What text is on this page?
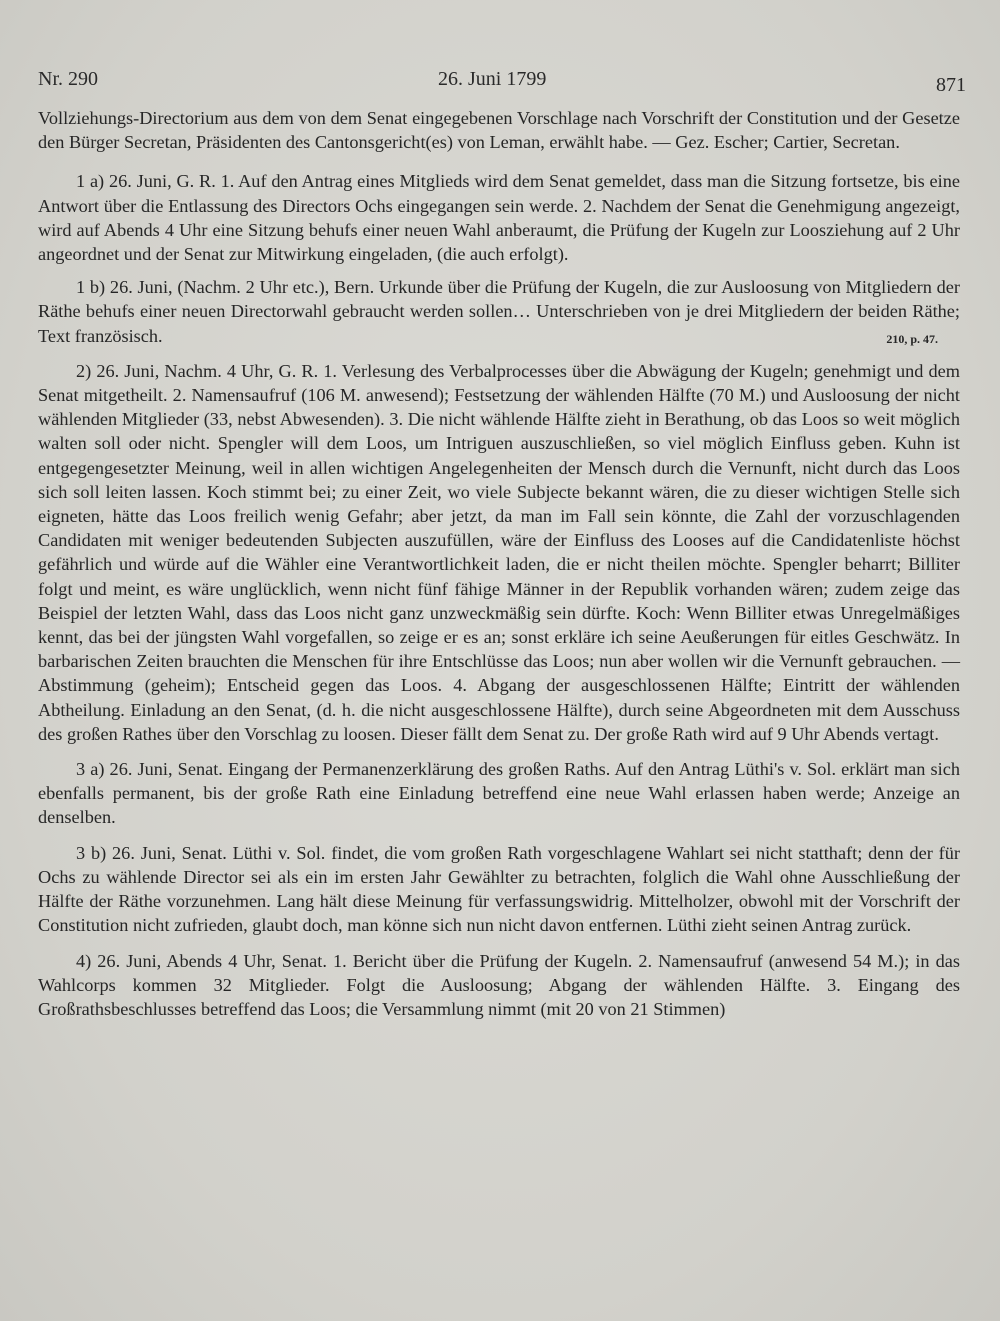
Nr. 290	26. Juni 1799	871

Vollziehungs-Directorium aus dem von dem Senat eingegebenen Vorschlage nach Vorschrift der Constitution und der Gesetze den Bürger Secretan, Präsidenten des Cantonsgericht(es) von Leman, erwählt habe. — Gez. Escher; Cartier, Secretan.

1 a) 26. Juni, G. R. 1. Auf den Antrag eines Mitglieds wird dem Senat gemeldet, dass man die Sitzung fortsetze, bis eine Antwort über die Entlassung des Directors Ochs eingegangen sein werde. 2. Nachdem der Senat die Genehmigung angezeigt, wird auf Abends 4 Uhr eine Sitzung behufs einer neuen Wahl anberaumt, die Prüfung der Kugeln zur Loosziehung auf 2 Uhr angeordnet und der Senat zur Mitwirkung eingeladen, (die auch erfolgt).

1 b) 26. Juni, (Nachm. 2 Uhr etc.), Bern. Urkunde über die Prüfung der Kugeln, die zur Ausloosung von Mitgliedern der Räthe behufs einer neuen Directorwahl gebraucht werden sollen… Unterschrieben von je drei Mitgliedern der beiden Räthe; Text französisch.	210, p. 47.

2) 26. Juni, Nachm. 4 Uhr, G. R. 1. Verlesung des Verbalprocesses über die Abwägung der Kugeln; genehmigt und dem Senat mitgetheilt. 2. Namensaufruf (106 M. anwesend); Festsetzung der wählenden Hälfte (70 M.) und Ausloosung der nicht wählenden Mitglieder (33, nebst Abwesenden). 3. Die nicht wählende Hälfte zieht in Berathung, ob das Loos so weit möglich walten soll oder nicht. Spengler will dem Loos, um Intriguen auszuschließen, so viel möglich Einfluss geben. Kuhn ist entgegengesetzter Meinung, weil in allen wichtigen Angelegenheiten der Mensch durch die Vernunft, nicht durch das Loos sich soll leiten lassen. Koch stimmt bei; zu einer Zeit, wo viele Subjecte bekannt wären, die zu dieser wichtigen Stelle sich eigneten, hätte das Loos freilich wenig Gefahr; aber jetzt, da man im Fall sein könnte, die Zahl der vorzuschlagenden Candidaten mit weniger bedeutenden Subjecten auszufüllen, wäre der Einfluss des Looses auf die Candidatenliste höchst gefährlich und würde auf die Wähler eine Verantwortlichkeit laden, die er nicht theilen möchte. Spengler beharrt; Billiter folgt und meint, es wäre unglücklich, wenn nicht fünf fähige Männer in der Republik vorhanden wären; zudem zeige das Beispiel der letzten Wahl, dass das Loos nicht ganz unzweckmäßig sein dürfte. Koch: Wenn Billiter etwas Unregelmäßiges kennt, das bei der jüngsten Wahl vorgefallen, so zeige er es an; sonst erkläre ich seine Aeußerungen für eitles Geschwätz. In barbarischen Zeiten brauchten die Menschen für ihre Entschlüsse das Loos; nun aber wollen wir die Vernunft gebrauchen. — Abstimmung (geheim); Entscheid gegen das Loos. 4. Abgang der ausgeschlossenen Hälfte; Eintritt der wählenden Abtheilung. Einladung an den Senat, (d. h. die nicht ausgeschlossene Hälfte), durch seine Abgeordneten mit dem Ausschuss des großen Rathes über den Vorschlag zu loosen. Dieser fällt dem Senat zu. Der große Rath wird auf 9 Uhr Abends vertagt.

3 a) 26. Juni, Senat. Eingang der Permanenzerklärung des großen Raths. Auf den Antrag Lüthi's v. Sol. erklärt man sich ebenfalls permanent, bis der große Rath eine Einladung betreffend eine neue Wahl erlassen haben werde; Anzeige an denselben.

3 b) 26. Juni, Senat. Lüthi v. Sol. findet, die vom großen Rath vorgeschlagene Wahlart sei nicht statthaft; denn der für Ochs zu wählende Director sei als ein im ersten Jahr Gewählter zu betrachten, folglich die Wahl ohne Ausschließung der Hälfte der Räthe vorzunehmen. Lang hält diese Meinung für verfassungswidrig. Mittelholzer, obwohl mit der Vorschrift der Constitution nicht zufrieden, glaubt doch, man könne sich nun nicht davon entfernen. Lüthi zieht seinen Antrag zurück.

4) 26. Juni, Abends 4 Uhr, Senat. 1. Bericht über die Prüfung der Kugeln. 2. Namensaufruf (anwesend 54 M.); in das Wahlcorps kommen 32 Mitglieder. Folgt die Ausloosung; Abgang der wählenden Hälfte. 3. Eingang des Großrathsbeschlusses betreffend das Loos; die Versammlung nimmt (mit 20 von 21 Stimmen)
